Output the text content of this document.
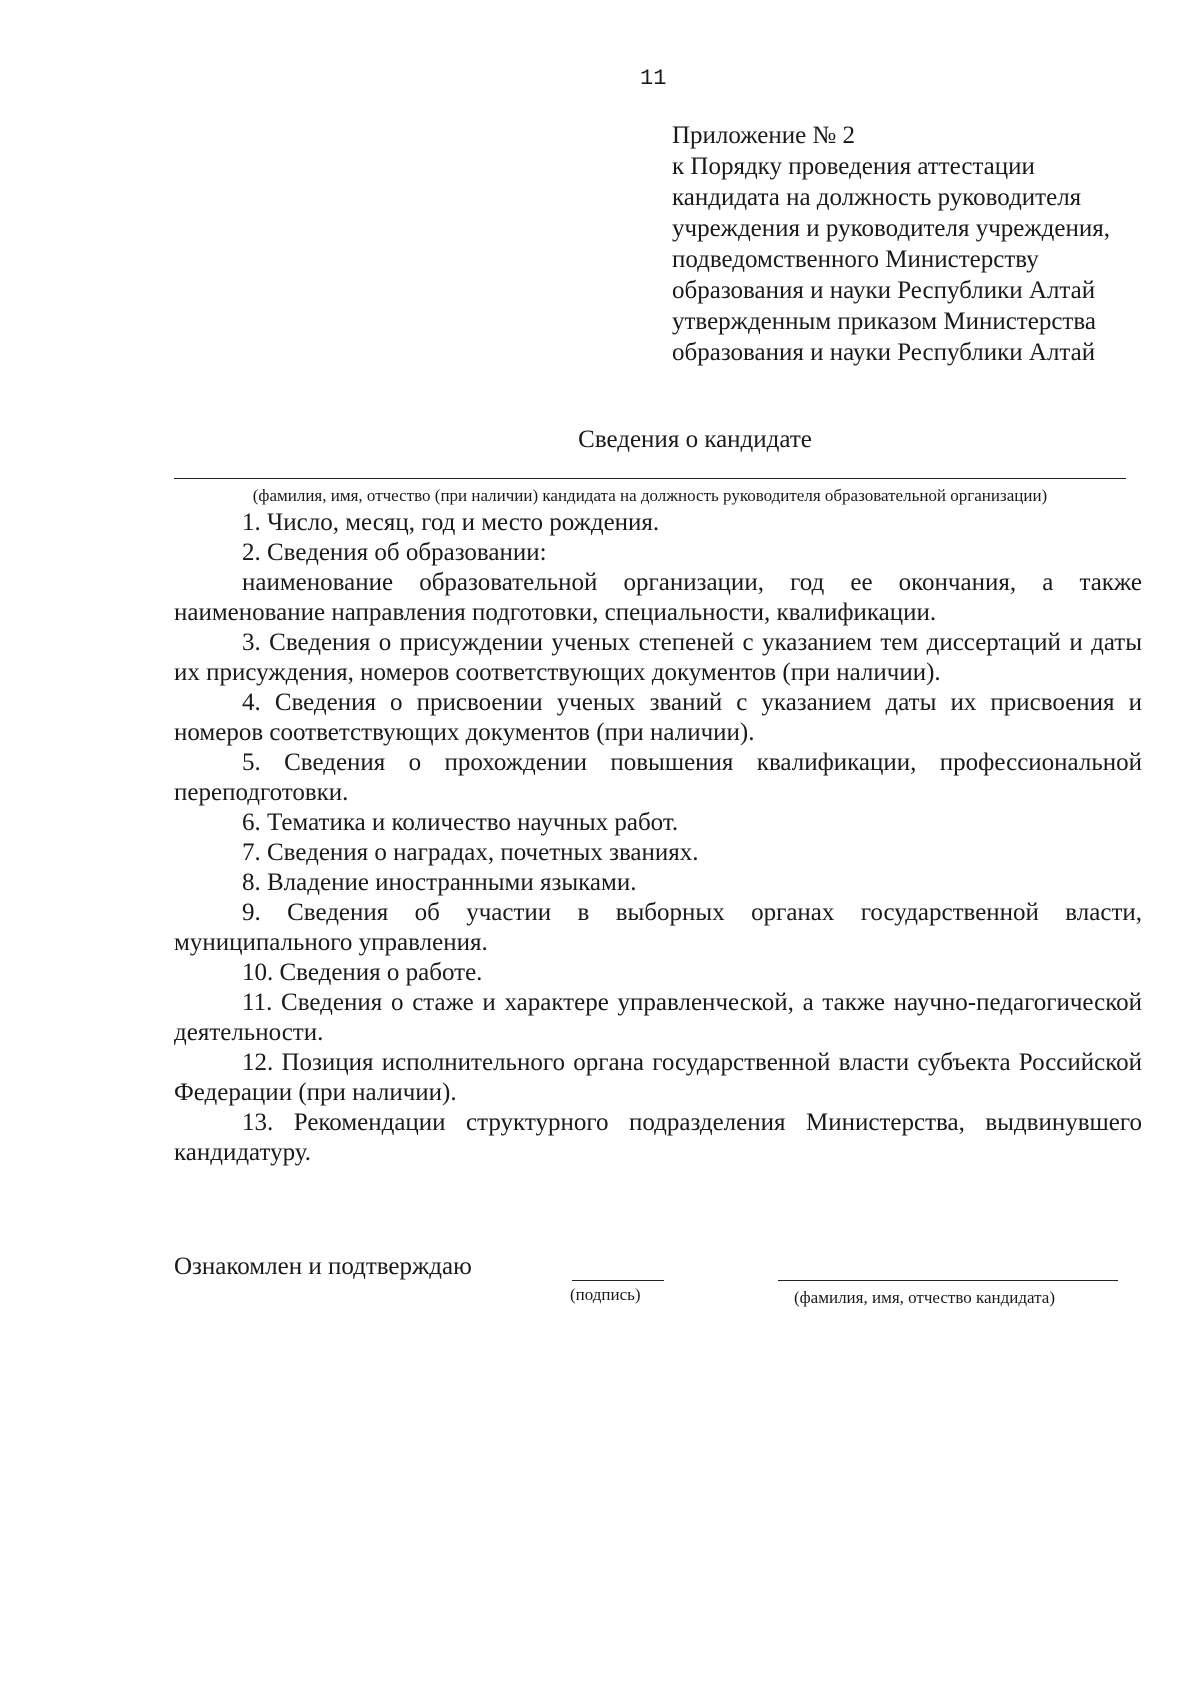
11
Приложение № 2
к Порядку проведения аттестации
кандидата на должность руководителя
учреждения и руководителя учреждения,
подведомственного Министерству
образования и науки Республики Алтай
утвержденным приказом Министерства
образования и науки Республики Алтай
Сведения о кандидате
(фамилия, имя, отчество (при наличии) кандидата на должность руководителя образовательной организации)

1. Число, месяц, год и место рождения.

2. Сведения об образовании:

наименование образовательной организации, год ее окончания, а также наименование направления подготовки, специальности, квалификации.

3. Сведения о присуждении ученых степеней с указанием тем диссертаций и даты их присуждения, номеров соответствующих документов (при наличии).

4. Сведения о присвоении ученых званий с указанием даты их присвоения и номеров соответствующих документов (при наличии).

5. Сведения о прохождении повышения квалификации, профессиональной переподготовки.

6. Тематика и количество научных работ.

7. Сведения о наградах, почетных званиях.

8. Владение иностранными языками.

9. Сведения об участии в выборных органах государственной власти, муниципального управления.

10. Сведения о работе.

11. Сведения о стаже и характере управленческой, а также научно-педагогической деятельности.

12. Позиция исполнительного органа государственной власти субъекта Российской Федерации (при наличии).

13. Рекомендации структурного подразделения Министерства, выдвинувшего кандидатуру.

Ознакомлен и подтверждаю
(подпись)	(фамилия, имя, отчество кандидата)
